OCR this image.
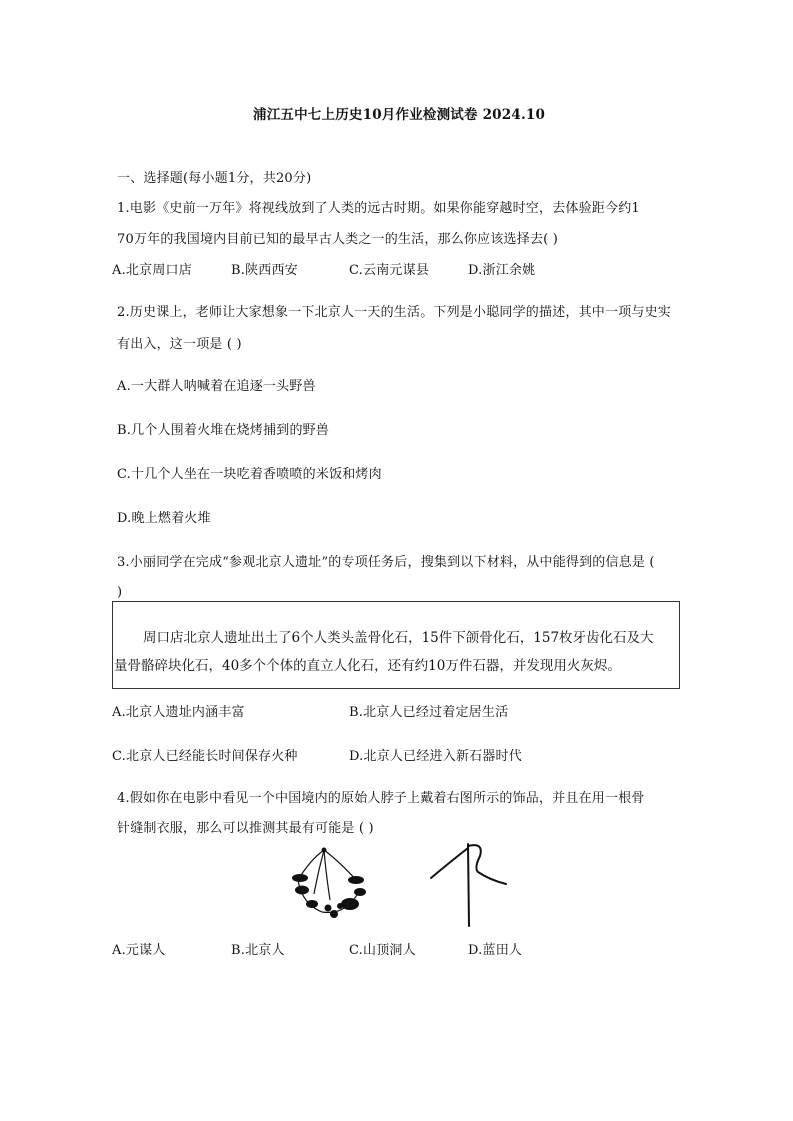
浦江五中七上历史10月作业检测试卷 2024.10
一、选择题(每小题1分，共20分)
1.电影《史前一万年》将视线放到了人类的远古时期。如果你能穿越时空，去体验距今约1
70万年的我国境内目前已知的最早古人类之一的生活，那么你应该选择去( )
A.北京周口店	B.陕西西安	C.云南元谋县	D.浙江余姚
2.历史课上，老师让大家想象一下北京人一天的生活。下列是小聪同学的描述，其中一项与史实
有出入，这一项是 ( )
A.一大群人呐喊着在追逐一头野兽
B.几个人围着火堆在烧烤捕到的野兽
C.十几个人坐在一块吃着香喷喷的米饭和烤肉
D.晚上燃着火堆
3.小丽同学在完成“参观北京人遗址”的专项任务后，搜集到以下材料，从中能得到的信息是 (
)
周口店北京人遗址出土了6个人类头盖骨化石，15件下颌骨化石，157枚牙齿化石及大
量骨骼碎块化石，40多个个体的直立人化石，还有约10万件石器，并发现用火灰烬。
A.北京人遗址内涵丰富	B.北京人已经过着定居生活
C.北京人已经能长时间保存火种	D.北京人已经进入新石器时代
4.假如你在电影中看见一个中国境内的原始人脖子上戴着右图所示的饰品，并且在用一根骨
针缝制衣服，那么可以推测其最有可能是 ( )
A.元谋人	B.北京人	C.山顶洞人	D.蓝田人
